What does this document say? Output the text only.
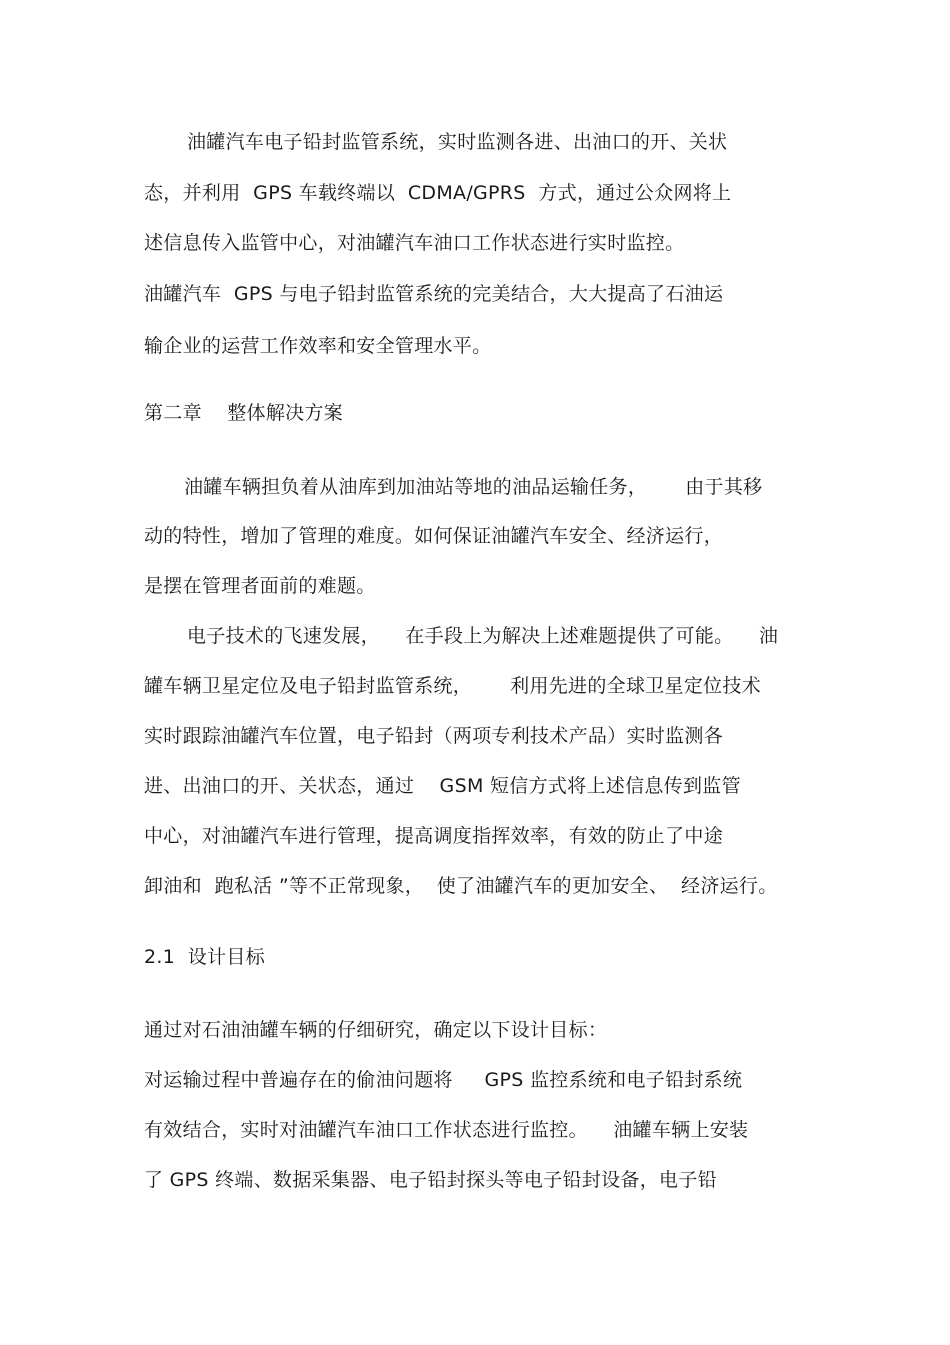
油罐汽车电子铅封监管系统，实时监测各进、出油口的开、关状
态，并利用  GPS 车载终端以  CDMA/GPRS  方式，通过公众网将上
述信息传入监管中心，对油罐汽车油口工作状态进行实时监控。
油罐汽车  GPS 与电子铅封监管系统的完美结合，大大提高了石油运
输企业的运营工作效率和安全管理水平。
第二章    整体解决方案
油罐车辆担负着从油库到加油站等地的油品运输任务，      由于其移
动的特性，增加了管理的难度。如何保证油罐汽车安全、经济运行，
是摆在管理者面前的难题。
电子技术的飞速发展，    在手段上为解决上述难题提供了可能。    油
罐车辆卫星定位及电子铅封监管系统，      利用先进的全球卫星定位技术
实时跟踪油罐汽车位置，电子铅封（两项专利技术产品）实时监测各
进、出油口的开、关状态，通过    GSM 短信方式将上述信息传到监管
中心，对油罐汽车进行管理，提高调度指挥效率，有效的防止了中途
卸油和  跑私活 ”等不正常现象，  使了油罐汽车的更加安全、  经济运行。
2.1  设计目标
通过对石油油罐车辆的仔细研究，确定以下设计目标：
对运输过程中普遍存在的偷油问题将     GPS 监控系统和电子铅封系统
有效结合，实时对油罐汽车油口工作状态进行监控。    油罐车辆上安装
了 GPS 终端、数据采集器、电子铅封探头等电子铅封设备，电子铅
